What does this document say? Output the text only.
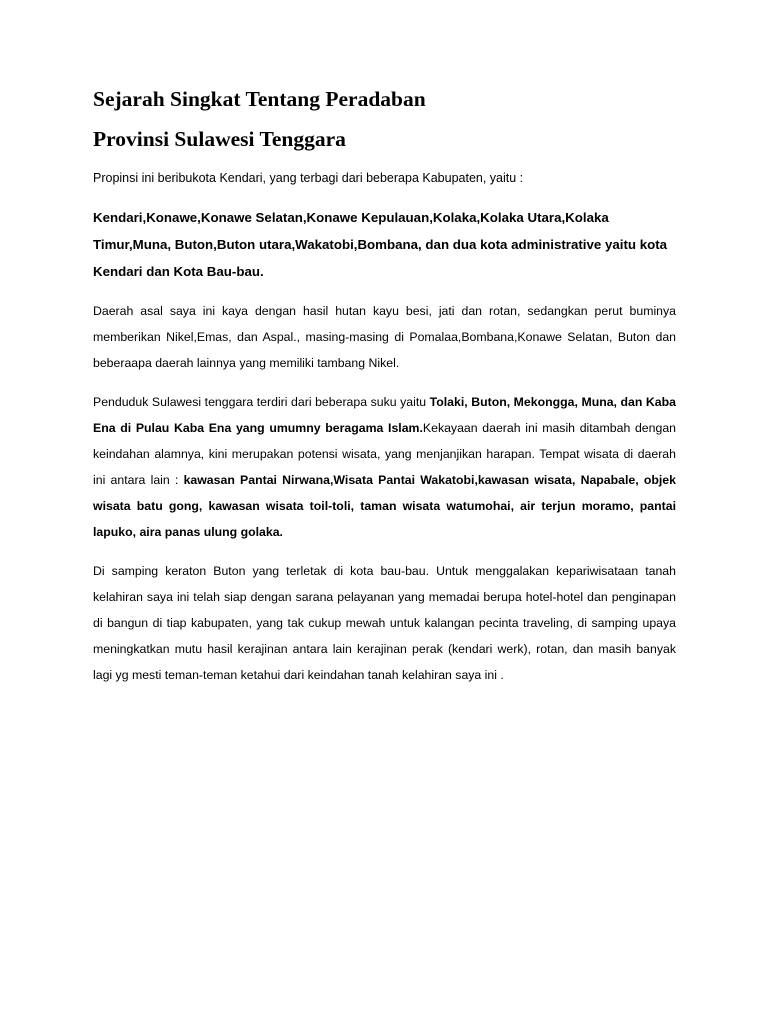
Sejarah Singkat Tentang Peradaban
Provinsi Sulawesi Tenggara

Propinsi ini beribukota Kendari, yang terbagi dari beberapa Kabupaten, yaitu :

Kendari,Konawe,Konawe Selatan,Konawe Kepulauan,Kolaka,Kolaka Utara,Kolaka Timur,Muna, Buton,Buton utara,Wakatobi,Bombana, dan dua kota administrative yaitu kota Kendari dan Kota Bau-bau.

Daerah asal saya ini kaya dengan hasil hutan kayu besi, jati dan rotan, sedangkan perut buminya memberikan Nikel,Emas, dan Aspal., masing-masing di Pomalaa,Bombana,Konawe Selatan, Buton dan beberaapa daerah lainnya yang memiliki tambang Nikel.

Penduduk Sulawesi tenggara terdiri dari beberapa suku yaitu Tolaki, Buton, Mekongga, Muna, dan Kaba Ena di Pulau Kaba Ena yang umumny beragama Islam.Kekayaan daerah ini masih ditambah dengan keindahan alamnya, kini merupakan potensi wisata, yang menjanjikan harapan. Tempat wisata di daerah ini antara lain : kawasan Pantai Nirwana,Wisata Pantai Wakatobi,kawasan wisata, Napabale, objek wisata batu gong, kawasan wisata toil-toli, taman wisata watumohai, air terjun moramo, pantai lapuko, aira panas ulung golaka.

Di samping keraton Buton yang terletak di kota bau-bau. Untuk menggalakan kepariwisataan tanah kelahiran saya ini telah siap dengan sarana pelayanan yang memadai berupa hotel-hotel dan penginapan di bangun di tiap kabupaten, yang tak cukup mewah untuk kalangan pecinta traveling, di samping upaya meningkatkan mutu hasil kerajinan antara lain kerajinan perak (kendari werk), rotan, dan masih banyak lagi yg mesti teman-teman ketahui dari keindahan tanah kelahiran saya ini .
